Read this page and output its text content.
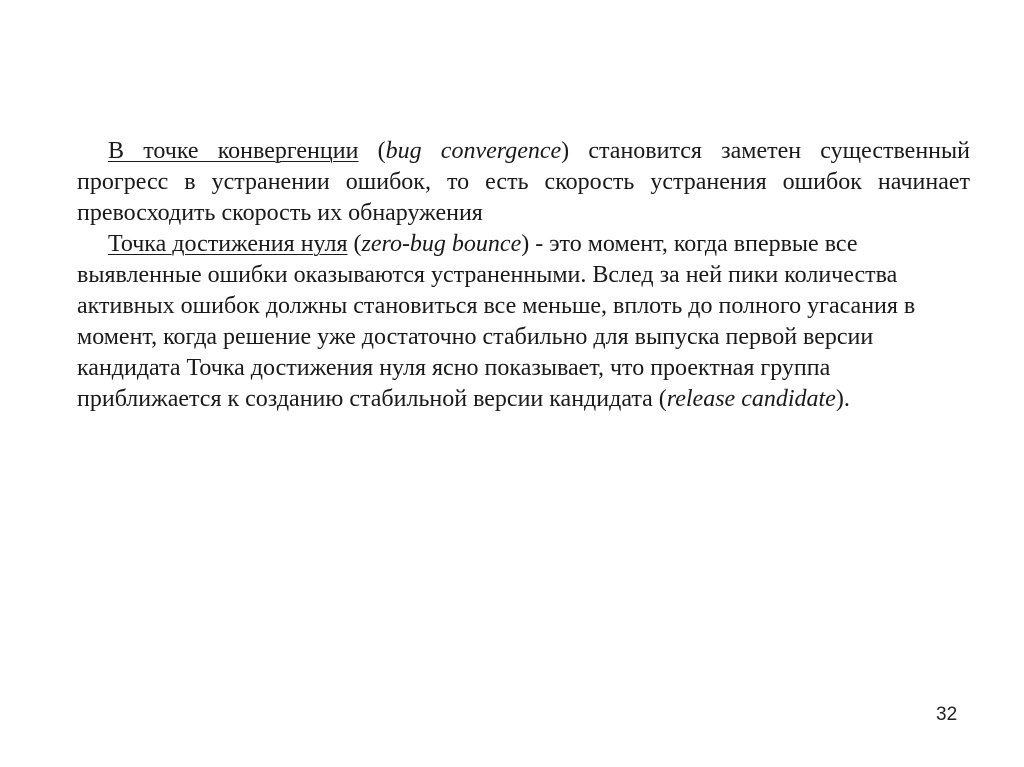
В точке конвергенции (bug convergence) становится заметен существенный прогресс в устранении ошибок, то есть скорость устранения ошибок начинает превосходить скорость их обнаружения

Точка достижения нуля (zero-bug bounce) - это момент, когда впервые все выявленные ошибки оказываются устраненными. Вслед за ней пики количества активных ошибок должны становиться все меньше, вплоть до полного угасания в момент, когда решение уже достаточно стабильно для выпуска первой версии кандидата Точка достижения нуля ясно показывает, что проектная группа приближается к созданию стабильной версии кандидата (release candidate).

32
